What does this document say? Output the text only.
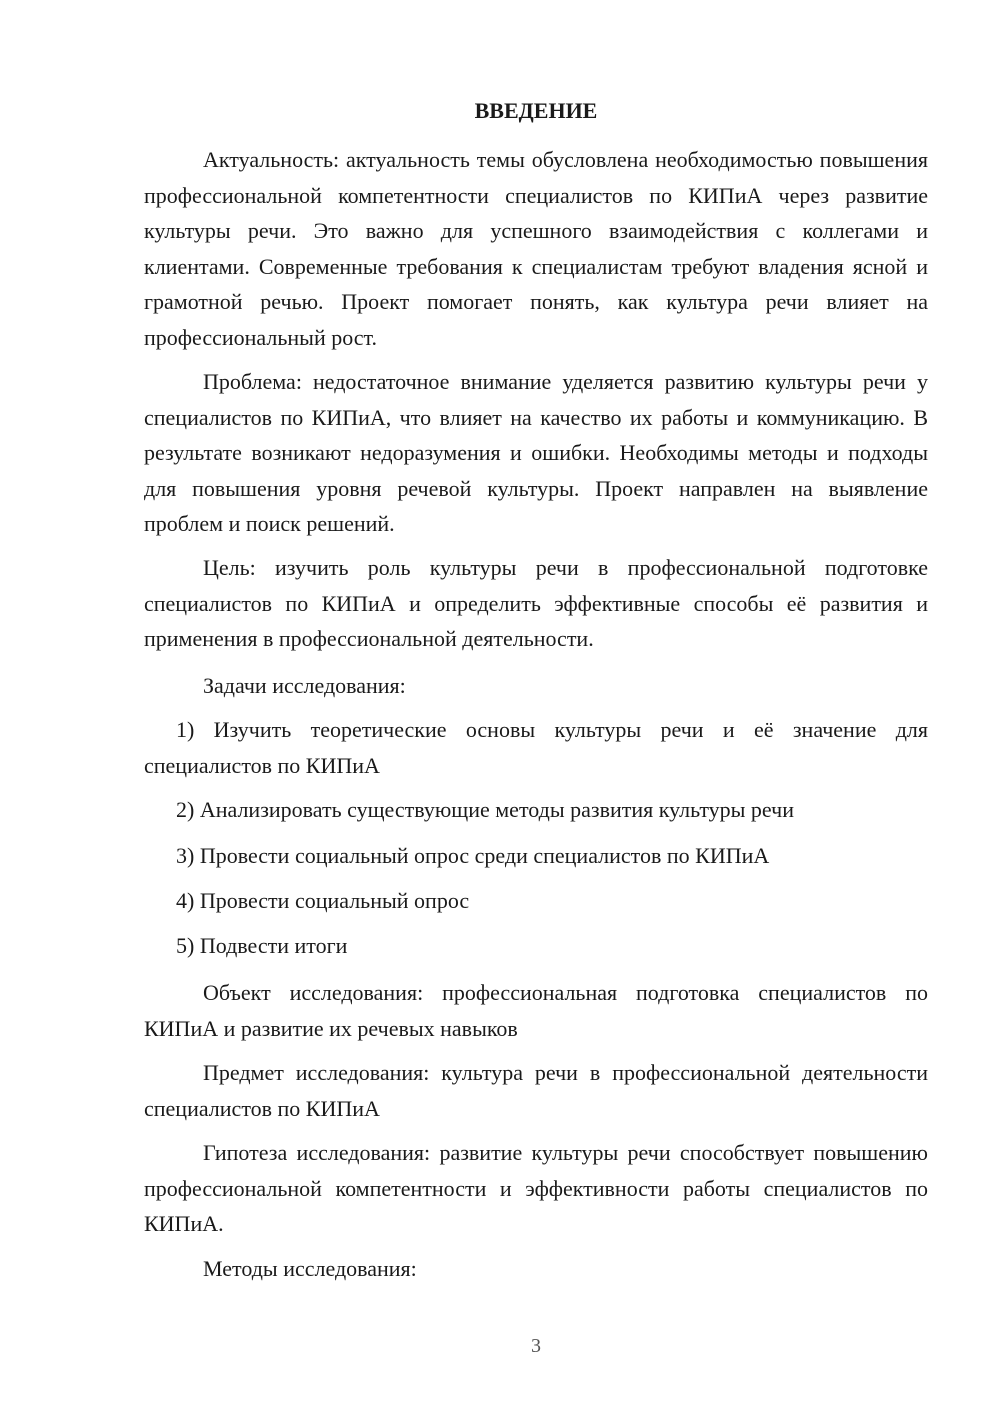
ВВЕДЕНИЕ

Актуальность: актуальность темы обусловлена необходимостью повышения профессиональной компетентности специалистов по КИПиА через развитие культуры речи. Это важно для успешного взаимодействия с коллегами и клиентами. Современные требования к специалистам требуют владения ясной и грамотной речью. Проект помогает понять, как культура речи влияет на профессиональный рост.

Проблема: недостаточное внимание уделяется развитию культуры речи у специалистов по КИПиА, что влияет на качество их работы и коммуникацию. В результате возникают недоразумения и ошибки. Необходимы методы и подходы для повышения уровня речевой культуры. Проект направлен на выявление проблем и поиск решений.

Цель: изучить роль культуры речи в профессиональной подготовке специалистов по КИПиА и определить эффективные способы её развития и применения в профессиональной деятельности.

Задачи исследования:

1) Изучить теоретические основы культуры речи и её значение для специалистов по КИПиА

2) Анализировать существующие методы развития культуры речи

3) Провести социальный опрос среди специалистов по КИПиА

4) Провести социальный опрос

5) Подвести итоги

Объект исследования: профессиональная подготовка специалистов по КИПиА и развитие их речевых навыков

Предмет исследования: культура речи в профессиональной деятельности специалистов по КИПиА

Гипотеза исследования: развитие культуры речи способствует повышению профессиональной компетентности и эффективности работы специалистов по КИПиА.

Методы исследования:

3
